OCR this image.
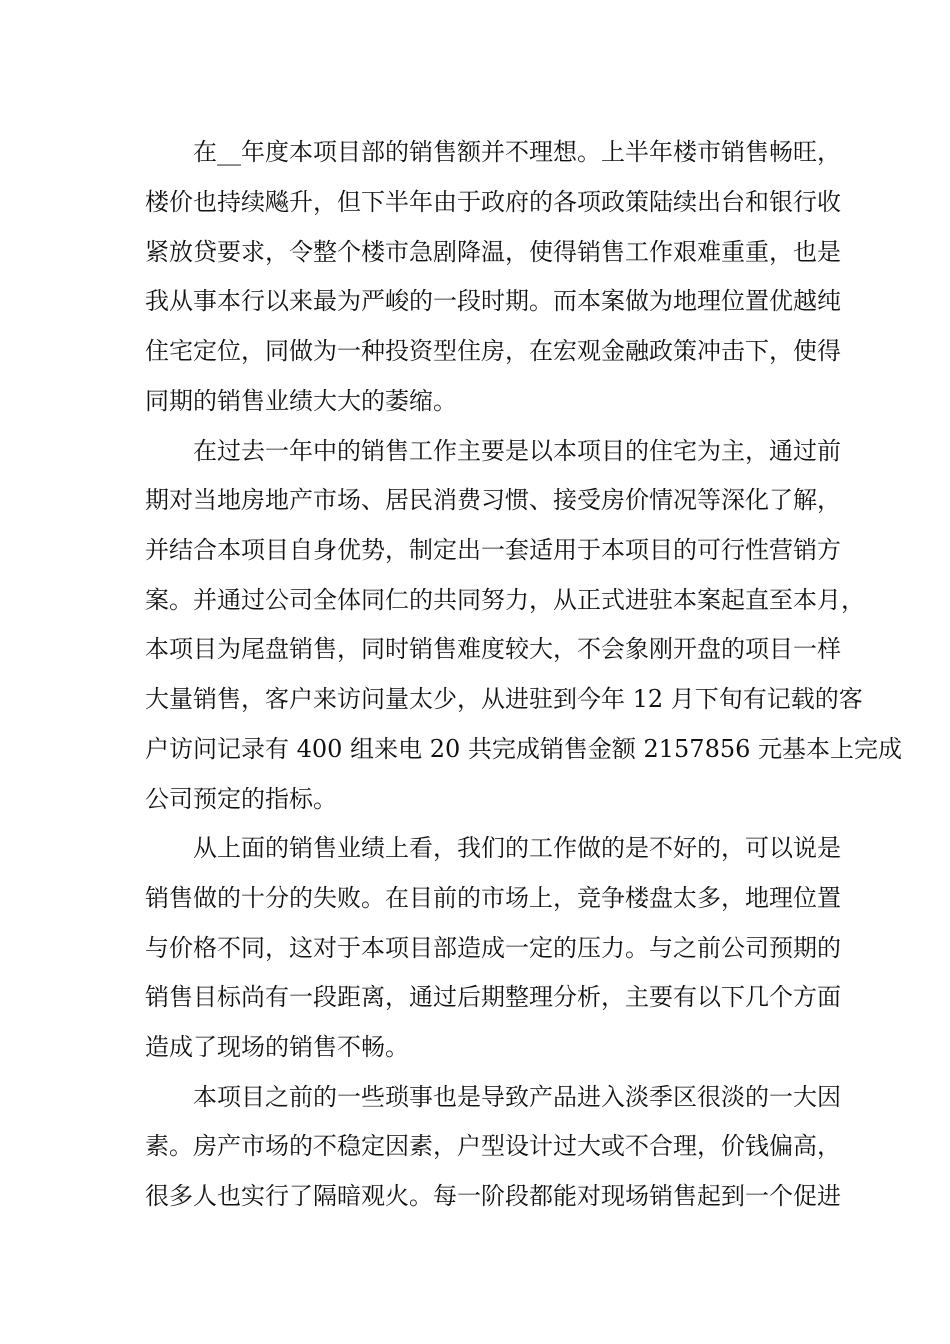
在__年度本项目部的销售额并不理想。上半年楼市销售畅旺，

楼价也持续飚升，但下半年由于政府的各项政策陆续出台和银行收

紧放贷要求，令整个楼市急剧降温，使得销售工作艰难重重，也是

我从事本行以来最为严峻的一段时期。而本案做为地理位置优越纯

住宅定位，同做为一种投资型住房，在宏观金融政策冲击下，使得

同期的销售业绩大大的萎缩。

在过去一年中的销售工作主要是以本项目的住宅为主，通过前

期对当地房地产市场、居民消费习惯、接受房价情况等深化了解，

并结合本项目自身优势，制定出一套适用于本项目的可行性营销方

案。并通过公司全体同仁的共同努力，从正式进驻本案起直至本月，

本项目为尾盘销售，同时销售难度较大，不会象刚开盘的项目一样

大量销售，客户来访问量太少，从进驻到今年 12 月下旬有记载的客

户访问记录有 400 组来电 20 共完成销售金额 2157856 元基本上完成

公司预定的指标。

从上面的销售业绩上看，我们的工作做的是不好的，可以说是

销售做的十分的失败。在目前的市场上，竞争楼盘太多，地理位置

与价格不同，这对于本项目部造成一定的压力。与之前公司预期的

销售目标尚有一段距离，通过后期整理分析，主要有以下几个方面

造成了现场的销售不畅。

本项目之前的一些琐事也是导致产品进入淡季区很淡的一大因

素。房产市场的不稳定因素，户型设计过大或不合理，价钱偏高，

很多人也实行了隔暗观火。每一阶段都能对现场销售起到一个促进
